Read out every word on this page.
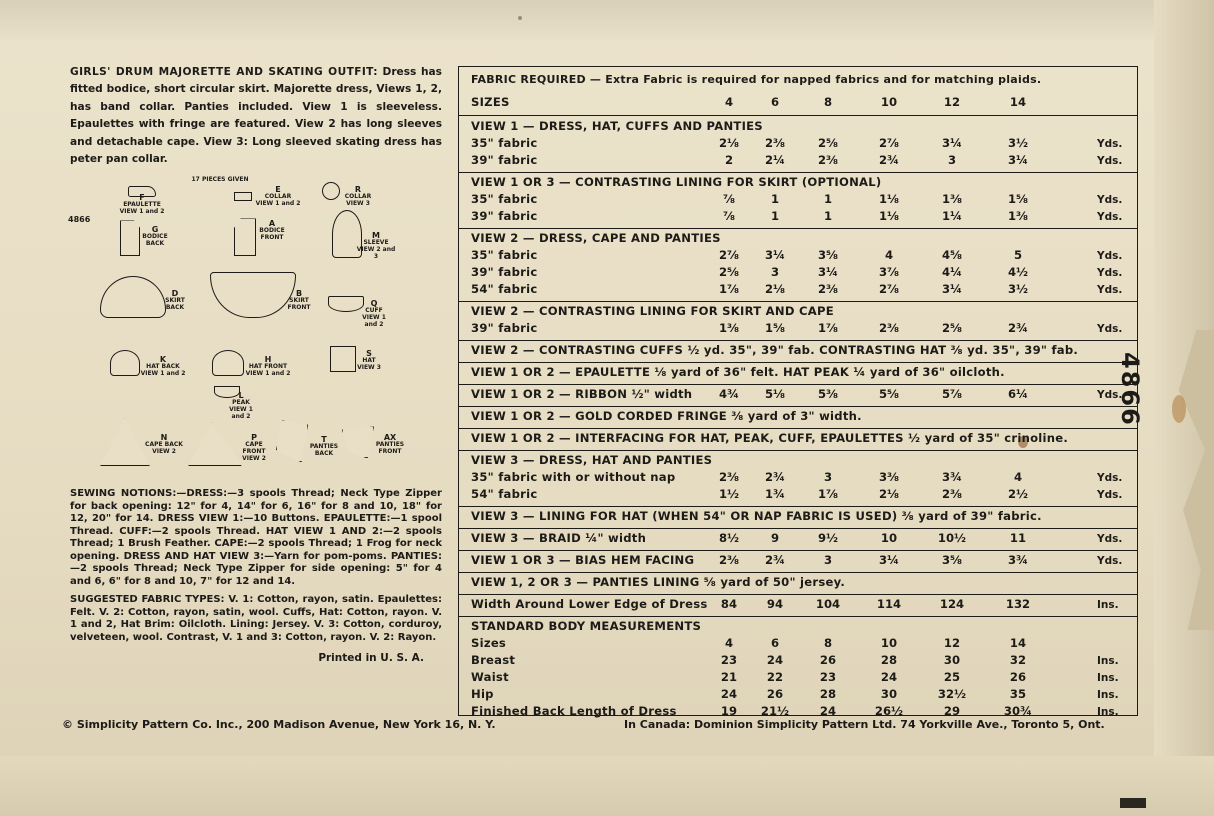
GIRLS' DRUM MAJORETTE AND SKATING OUTFIT: Dress has fitted bodice, short circular skirt. Majorette dress, Views 1, 2, has band collar. Panties included. View 1 is sleeveless. Epaulettes with fringe are featured. View 2 has long sleeves and detachable cape. View 3: Long sleeved skating dress has peter pan collar.

17 PIECES GIVEN
4866
F
EPAULETTE
VIEW 1 and 2
E
COLLAR
VIEW 1 and 2
R
COLLAR
VIEW 3
G
BODICE BACK
A
BODICE FRONT	M
SLEEVE
VIEW 2 and 3
D
SKIRT BACK
B
SKIRT FRONT	Q
CUFF
VIEW 1 and 2
K
HAT BACK
VIEW 1 and 2
H
HAT FRONT
VIEW 1 and 2
S
HAT
VIEW 3
L
PEAK
VIEW 1 and 2
N
CAPE BACK
VIEW 2
P
CAPE FRONT
VIEW 2
T
PANTIES BACK
AX
PANTIES FRONT

SEWING NOTIONS:—DRESS:—3 spools Thread; Neck Type Zipper for back opening: 12" for 4, 14" for 6, 16" for 8 and 10, 18" for 12, 20" for 14. DRESS VIEW 1:—10 Buttons. EPAULETTE:—1 spool Thread. CUFF:—2 spools Thread. HAT VIEW 1 AND 2:—2 spools Thread; 1 Brush Feather. CAPE:—2 spools Thread; 1 Frog for neck opening. DRESS AND HAT VIEW 3:—Yarn for pom-poms. PANTIES:—2 spools Thread; Neck Type Zipper for side opening: 5" for 4 and 6, 6" for 8 and 10, 7" for 12 and 14.

SUGGESTED FABRIC TYPES: V. 1: Cotton, rayon, satin. Epaulettes: Felt. V. 2: Cotton, rayon, satin, wool. Cuffs, Hat: Cotton, rayon. V. 1 and 2, Hat Brim: Oilcloth. Lining: Jersey. V. 3: Cotton, corduroy, velveteen, wool. Contrast, V. 1 and 3: Cotton, rayon. V. 2: Rayon.

Printed in U. S. A.

FABRIC REQUIRED — Extra Fabric is required for napped fabrics and for matching plaids.
SIZES	4	6	8	10	12	14
VIEW 1 — DRESS, HAT, CUFFS AND PANTIES
35" fabric	2⅛	2⅜	2⅝	2⅞	3¼	3½	Yds.
39" fabric	2	2¼	2⅜	2¾	3	3¼	Yds.
VIEW 1 OR 3 — CONTRASTING LINING FOR SKIRT (OPTIONAL)
35" fabric	⅞	1	1	1⅛	1⅜	1⅝	Yds.
39" fabric	⅞	1	1	1⅛	1¼	1⅜	Yds.
VIEW 2 — DRESS, CAPE AND PANTIES
35" fabric	2⅞	3¼	3⅝	4	4⅝	5	Yds.
39" fabric	2⅝	3	3¼	3⅞	4¼	4½	Yds.
54" fabric	1⅞	2⅛	2⅜	2⅞	3¼	3½	Yds.
VIEW 2 — CONTRASTING LINING FOR SKIRT AND CAPE
39" fabric	1⅜	1⅝	1⅞	2⅜	2⅝	2¾	Yds.
VIEW 2 — CONTRASTING CUFFS ½ yd. 35", 39" fab. CONTRASTING HAT ⅜ yd. 35", 39" fab.
VIEW 1 OR 2 — EPAULETTE ⅛ yard of 36" felt. HAT PEAK ¼ yard of 36" oilcloth.
VIEW 1 OR 2 — RIBBON ½" width	4¾	5⅛	5⅜	5⅝	5⅞	6¼	Yds.
VIEW 1 OR 2 — GOLD CORDED FRINGE ⅜ yard of 3" width.
VIEW 1 OR 2 — INTERFACING FOR HAT, PEAK, CUFF, EPAULETTES ½ yard of 35" crinoline.
VIEW 3 — DRESS, HAT AND PANTIES
35" fabric with or without nap	2⅜	2¾	3	3⅜	3¾	4	Yds.
54" fabric	1½	1¾	1⅞	2⅛	2⅜	2½	Yds.
VIEW 3 — LINING FOR HAT (WHEN 54" OR NAP FABRIC IS USED) ⅜ yard of 39" fabric.
VIEW 3 — BRAID ¼" width	8½	9	9½	10	10½	11	Yds.
VIEW 1 OR 3 — BIAS HEM FACING	2⅜	2¾	3	3¼	3⅝	3¾	Yds.
VIEW 1, 2 OR 3 — PANTIES LINING ⅝ yard of 50" jersey.
Width Around Lower Edge of Dress	84	94	104	114	124	132	Ins.
STANDARD BODY MEASUREMENTS
Sizes	4	6	8	10	12	14
Breast	23	24	26	28	30	32	Ins.
Waist	21	22	23	24	25	26	Ins.
Hip	24	26	28	30	32½	35	Ins.
Finished Back Length of Dress	19	21½	24	26½	29	30¾	Ins.
© Simplicity Pattern Co. Inc., 200 Madison Avenue, New York 16, N. Y.	In Canada: Dominion Simplicity Pattern Ltd. 74 Yorkville Ave., Toronto 5, Ont.
4866
